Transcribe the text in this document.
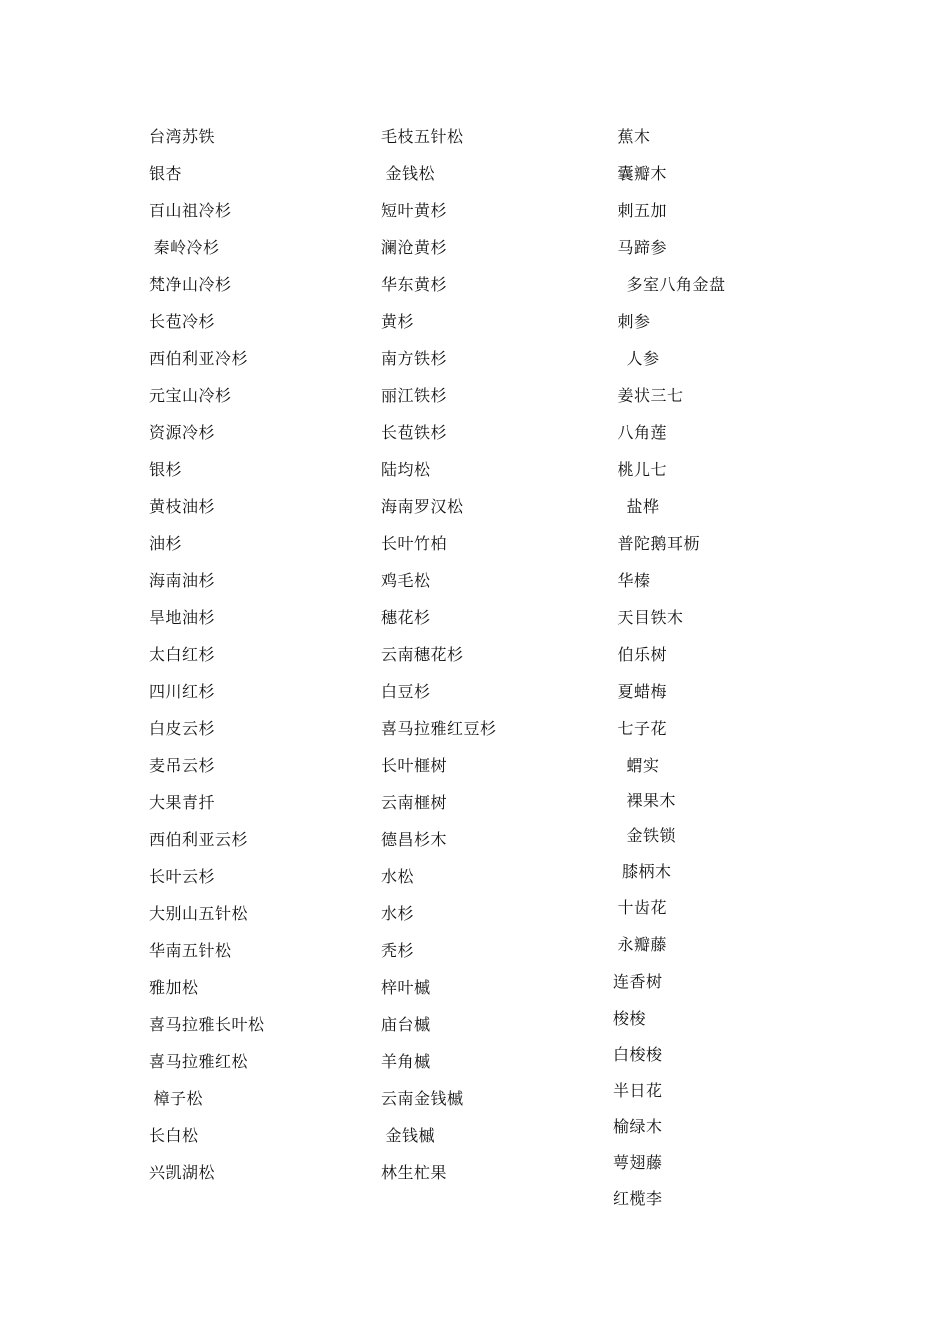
台湾苏铁
银杏
百山祖冷杉
秦岭冷杉
梵净山冷杉
长苞冷杉
西伯利亚冷杉
元宝山冷杉
资源冷杉
银杉
黄枝油杉
油杉
海南油杉
旱地油杉
太白红杉
四川红杉
白皮云杉
麦吊云杉
大果青扦
西伯利亚云杉
长叶云杉
大别山五针松
华南五针松
雅加松
喜马拉雅长叶松
喜马拉雅红松
樟子松
长白松
兴凯湖松
毛枝五针松
金钱松
短叶黄杉
澜沧黄杉
华东黄杉
黄杉
南方铁杉
丽江铁杉
长苞铁杉
陆均松
海南罗汉松
长叶竹柏
鸡毛松
穗花杉
云南穗花杉
白豆杉
喜马拉雅红豆杉
长叶榧树
云南榧树
德昌杉木
水松
水杉
秃杉
梓叶槭
庙台槭
羊角槭
云南金钱槭
金钱槭
林生杧果
蕉木
囊瓣木
刺五加
马蹄参
多室八角金盘
刺参
人参
姜状三七
八角莲
桃儿七
盐桦
普陀鹅耳枥
华榛
天目铁木
伯乐树
夏蜡梅
七子花
蝟实
裸果木
金铁锁
膝柄木
十齿花
永瓣藤
连香树
梭梭
白梭梭
半日花
榆绿木
萼翅藤
红榄李
